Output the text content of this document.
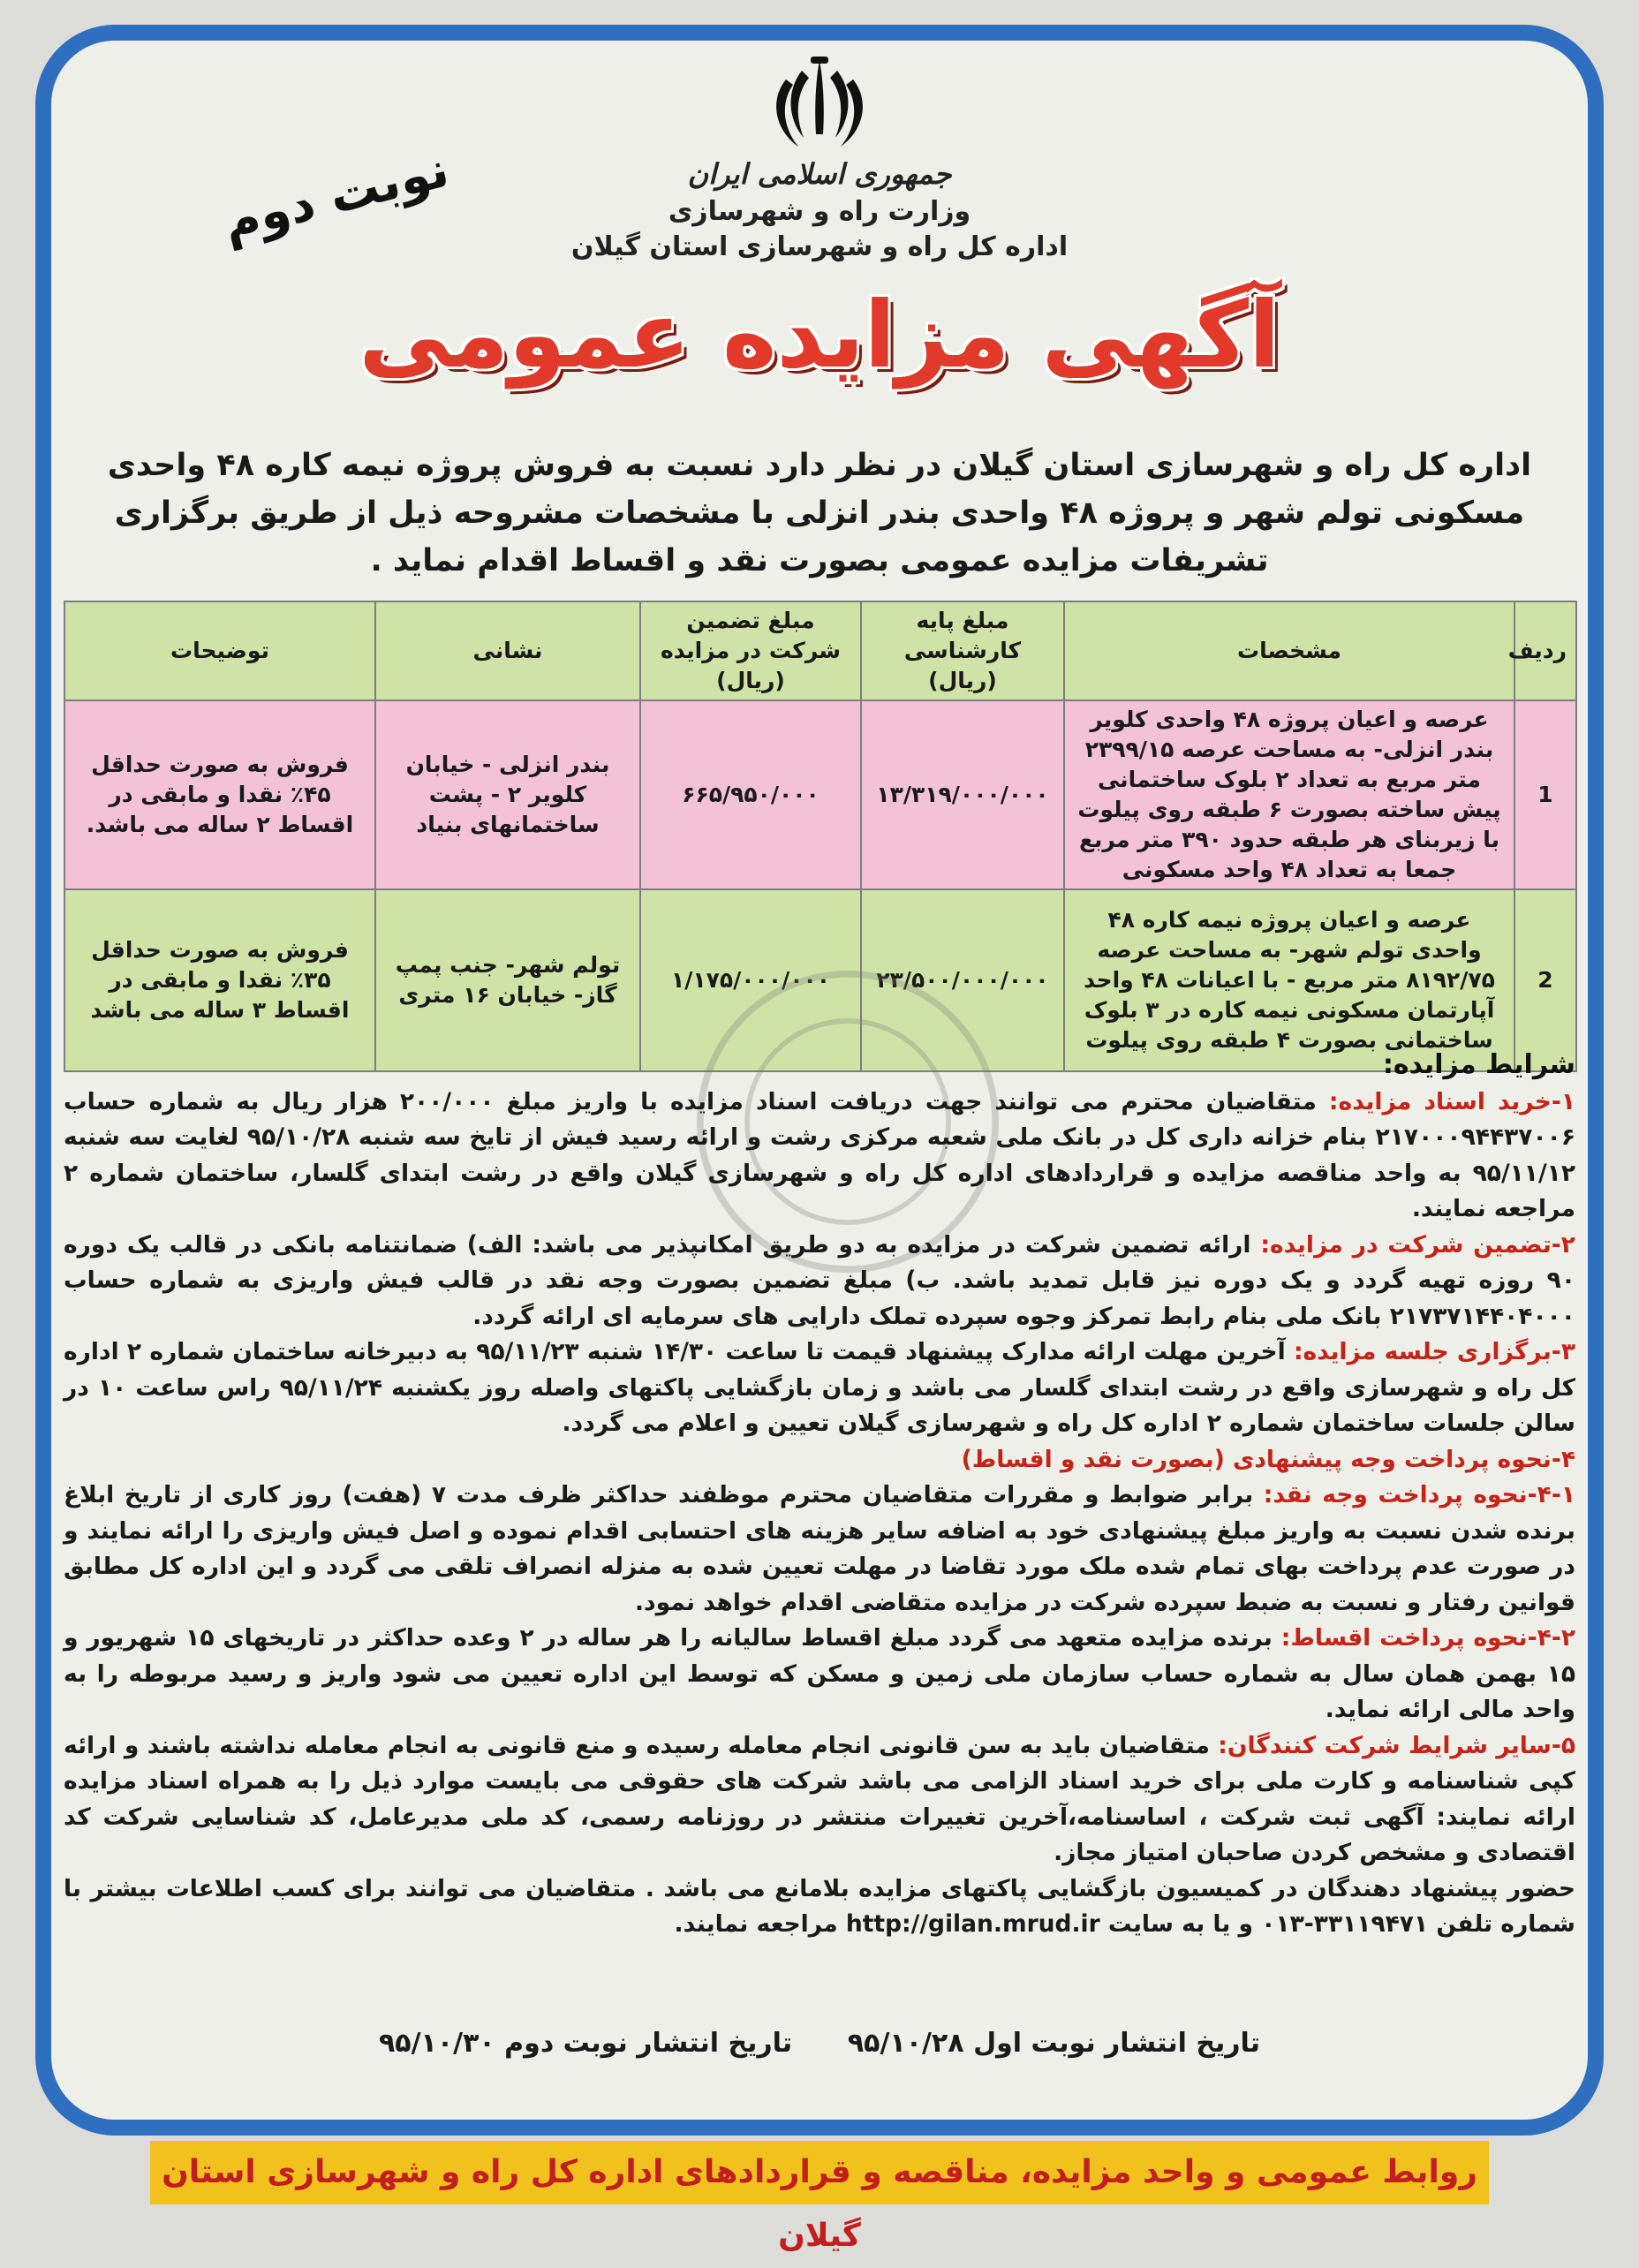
جمهوری اسلامی ایران
وزارت راه و شهرسازی
اداره کل راه و شهرسازی استان گیلان
نوبت دوم
آگهی مزایده عمومی
اداره کل راه و شهرسازی استان گیلان در نظر دارد نسبت به فروش پروژه نیمه کاره ۴۸ واحدی مسکونی تولم شهر و پروژه ۴۸ واحدی بندر انزلی با مشخصات مشروحه ذیل از طریق برگزاری تشریفات مزایده عمومی بصورت نقد و اقساط اقدام نماید .
ردیف	مشخصات	مبلغ پایه کارشناسی (ریال)	مبلغ تضمین شرکت در مزایده (ریال)	نشانی	توضیحات
1	عرصه و اعیان پروژه ۴۸ واحدی کلویر بندر انزلی- به مساحت عرصه ۲۳۹۹/۱۵ متر مربع به تعداد ۲ بلوک ساختمانی پیش ساخته بصورت ۶ طبقه روی پیلوت با زیربنای هر طبقه حدود ۳۹۰ متر مربع جمعا به تعداد ۴۸ واحد مسکونی	۱۳/۳۱۹/۰۰۰/۰۰۰	۶۶۵/۹۵۰/۰۰۰	بندر انزلی - خیابان کلویر ۲ - پشت ساختمانهای بنیاد	فروش به صورت حداقل ۴۵٪ نقدا و مابقی در اقساط ۲ ساله می باشد.
2	عرصه و اعیان پروژه نیمه کاره ۴۸ واحدی تولم شهر- به مساحت عرصه ۸۱۹۲/۷۵ متر مربع - با اعیانات ۴۸ واحد آپارتمان مسکونی نیمه کاره در ۳ بلوک ساختمانی بصورت ۴ طبقه روی پیلوت	۲۳/۵۰۰/۰۰۰/۰۰۰	۱/۱۷۵/۰۰۰/۰۰۰	تولم شهر- جنب پمپ گاز- خیابان ۱۶ متری	فروش به صورت حداقل ۳۵٪ نقدا و مابقی در اقساط ۳ ساله می باشد

شرایط مزایده:

۱-خرید اسناد مزایده: متقاضیان محترم می توانند جهت دریافت اسناد مزایده با واریز مبلغ ۲۰۰/۰۰۰ هزار ریال به شماره حساب ۲۱۷۰۰۰۹۴۴۳۷۰۰۶ بنام خزانه داری کل در بانک ملی شعبه مرکزی رشت و ارائه رسید فیش از تایخ سه شنبه ۹۵/۱۰/۲۸ لغایت سه شنبه ۹۵/۱۱/۱۲ به واحد مناقصه مزایده و قراردادهای اداره کل راه و شهرسازی گیلان واقع در رشت ابتدای گلسار، ساختمان شماره ۲ مراجعه نمایند.

۲-تضمین شرکت در مزایده: ارائه تضمین شرکت در مزایده به دو طریق امکانپذیر می باشد: الف) ضمانتنامه بانکی در قالب یک دوره ۹۰ روزه تهیه گردد و یک دوره نیز قابل تمدید باشد. ب) مبلغ تضمین بصورت وجه نقد در قالب فیش واریزی به شماره حساب ۲۱۷۳۷۱۴۴۰۴۰۰۰ بانک ملی بنام رابط تمرکز وجوه سپرده تملک دارایی های سرمایه ای ارائه گردد.

۳-برگزاری جلسه مزایده: آخرین مهلت ارائه مدارک پیشنهاد قیمت تا ساعت ۱۴/۳۰ شنبه ۹۵/۱۱/۲۳ به دبیرخانه ساختمان شماره ۲ اداره کل راه و شهرسازی واقع در رشت ابتدای گلسار می باشد و زمان بازگشایی پاکتهای واصله روز یکشنبه ۹۵/۱۱/۲۴ راس ساعت ۱۰ در سالن جلسات ساختمان شماره ۲ اداره کل راه و شهرسازی گیلان تعیین و اعلام می گردد.

۴-نحوه پرداخت وجه پیشنهادی (بصورت نقد و اقساط)

۴-۱-نحوه پرداخت وجه نقد: برابر ضوابط و مقررات متقاضیان محترم موظفند حداکثر ظرف مدت ۷ (هفت) روز کاری از تاریخ ابلاغ برنده شدن نسبت به واریز مبلغ پیشنهادی خود به اضافه سایر هزینه های احتسابی اقدام نموده و اصل فیش واریزی را ارائه نمایند و در صورت عدم پرداخت بهای تمام شده ملک مورد تقاضا در مهلت تعیین شده به منزله انصراف تلقی می گردد و این اداره کل مطابق قوانین رفتار و نسبت به ضبط سپرده شرکت در مزایده متقاضی اقدام خواهد نمود.

۴-۲-نحوه پرداخت اقساط: برنده مزایده متعهد می گردد مبلغ اقساط سالیانه را هر ساله در ۲ وعده حداکثر در تاریخهای ۱۵ شهریور و ۱۵ بهمن همان سال به شماره حساب سازمان ملی زمین و مسکن که توسط این اداره تعیین می شود واریز و رسید مربوطه را به واحد مالی ارائه نماید.

۵-سایر شرایط شرکت کنندگان: متقاضیان باید به سن قانونی انجام معامله رسیده و منع قانونی به انجام معامله نداشته باشند و ارائه کپی شناسنامه و کارت ملی برای خرید اسناد الزامی می باشد شرکت های حقوقی می بایست موارد ذیل را به همراه اسناد مزایده ارائه نمایند: آگهی ثبت شرکت ، اساسنامه،آخرین تغییرات منتشر در روزنامه رسمی، کد ملی مدیرعامل، کد شناسایی شرکت کد اقتصادی و مشخص کردن صاحبان امتیاز مجاز.

حضور پیشنهاد دهندگان در کمیسیون بازگشایی پاکتهای مزایده بلامانع می باشد . متقاضیان می توانند برای کسب اطلاعات بیشتر با شماره تلفن ۳۳۱۱۹۴۷۱-۰۱۳ و یا به سایت http://gilan.mrud.ir مراجعه نمایند.

تاریخ انتشار نوبت اول ۹۵/۱۰/۲۸      تاریخ انتشار نوبت دوم ۹۵/۱۰/۳۰
روابط عمومی و واحد مزایده، مناقصه و قراردادهای اداره کل راه و شهرسازی استان گیلان
